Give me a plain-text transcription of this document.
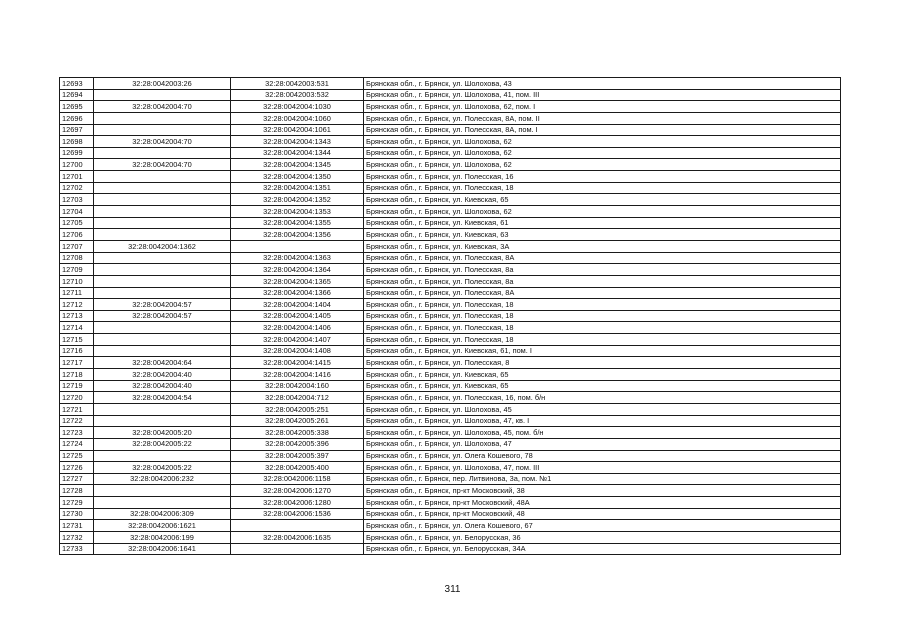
12693	32:28:0042003:26	32:28:0042003:531	Брянская обл., г. Брянск, ул. Шолохова, 43
12694		32:28:0042003:532	Брянская обл., г. Брянск, ул. Шолохова, 41, пом. III
12695	32:28:0042004:70	32:28:0042004:1030	Брянская обл., г. Брянск, ул. Шолохова, 62, пом. I
12696		32:28:0042004:1060	Брянская обл., г. Брянск, ул. Полесская, 8А, пом. II
12697		32:28:0042004:1061	Брянская обл., г. Брянск, ул. Полесская, 8А, пом. I
12698	32:28:0042004:70	32:28:0042004:1343	Брянская обл., г. Брянск, ул. Шолохова, 62
12699		32:28:0042004:1344	Брянская обл., г. Брянск, ул. Шолохова, 62
12700	32:28:0042004:70	32:28:0042004:1345	Брянская обл., г. Брянск, ул. Шолохова, 62
12701		32:28:0042004:1350	Брянская обл., г. Брянск, ул. Полесская, 16
12702		32:28:0042004:1351	Брянская обл., г. Брянск, ул. Полесская, 18
12703		32:28:0042004:1352	Брянская обл., г. Брянск, ул. Киевская, 65
12704		32:28:0042004:1353	Брянская обл., г. Брянск, ул. Шолохова, 62
12705		32:28:0042004:1355	Брянская обл., г. Брянск, ул. Киевская, 61
12706		32:28:0042004:1356	Брянская обл., г. Брянск, ул. Киевская, 63
12707	32:28:0042004:1362		Брянская обл., г. Брянск, ул. Киевская, 3А
12708		32:28:0042004:1363	Брянская обл., г. Брянск, ул. Полесская, 8А
12709		32:28:0042004:1364	Брянская обл., г. Брянск, ул. Полесская, 8а
12710		32:28:0042004:1365	Брянская обл., г. Брянск, ул. Полесская, 8а
12711		32:28:0042004:1366	Брянская обл., г. Брянск, ул. Полесская, 8А
12712	32:28:0042004:57	32:28:0042004:1404	Брянская обл., г. Брянск, ул. Полесская, 18
12713	32:28:0042004:57	32:28:0042004:1405	Брянская обл., г. Брянск, ул. Полесская, 18
12714		32:28:0042004:1406	Брянская обл., г. Брянск, ул. Полесская, 18
12715		32:28:0042004:1407	Брянская обл., г. Брянск, ул. Полесская, 18
12716		32:28:0042004:1408	Брянская обл., г. Брянск, ул. Киевская, 61, пом. I
12717	32:28:0042004:64	32:28:0042004:1415	Брянская обл., г. Брянск, ул. Полесская, 8
12718	32:28:0042004:40	32:28:0042004:1416	Брянская обл., г. Брянск, ул. Киевская, 65
12719	32:28:0042004:40	32:28:0042004:160	Брянская обл., г. Брянск, ул. Киевская, 65
12720	32:28:0042004:54	32:28:0042004:712	Брянская обл., г. Брянск, ул. Полесская, 16, пом. б/н
12721		32:28:0042005:251	Брянская обл., г. Брянск, ул. Шолохова, 45
12722		32:28:0042005:261	Брянская обл., г. Брянск, ул. Шолохова, 47, кв. I
12723	32:28:0042005:20	32:28:0042005:338	Брянская обл., г. Брянск, ул. Шолохова, 45, пом. б/н
12724	32:28:0042005:22	32:28:0042005:396	Брянская обл., г. Брянск, ул. Шолохова, 47
12725		32:28:0042005:397	Брянская обл., г. Брянск, ул. Олега Кошевого, 78
12726	32:28:0042005:22	32:28:0042005:400	Брянская обл., г. Брянск, ул. Шолохова, 47, пом. III
12727	32:28:0042006:232	32:28:0042006:1158	Брянская обл., г. Брянск, пер. Литвинова, 3а, пом. №1
12728		32:28:0042006:1270	Брянская обл., г. Брянск, пр-кт Московский, 38
12729		32:28:0042006:1280	Брянская обл., г. Брянск, пр-кт Московский, 48А
12730	32:28:0042006:309	32:28:0042006:1536	Брянская обл., г. Брянск, пр-кт Московский, 48
12731	32:28:0042006:1621		Брянская обл., г. Брянск, ул. Олега Кошевого, 67
12732	32:28:0042006:199	32:28:0042006:1635	Брянская обл., г. Брянск, ул. Белорусская, 36
12733	32:28:0042006:1641		Брянская обл., г. Брянск, ул. Белорусская, 34А
311
